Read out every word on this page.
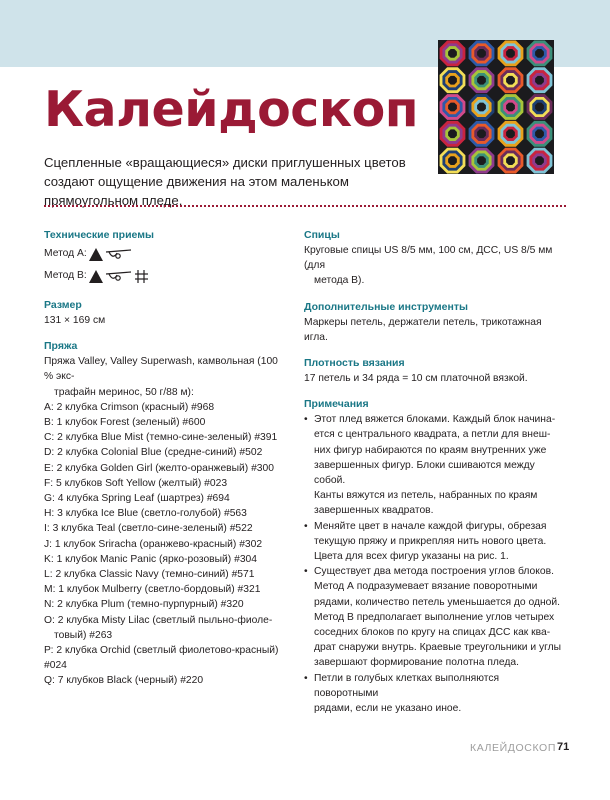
Калейдоскоп

Сцепленные «вращающиеся» диски приглушенных цветов создают ощущение движения на этом маленьком прямоугольном пледе.

Технические приемы

Метод А:
Метод В:

Размер

131 × 169 см

Пряжа

Пряжа Valley, Valley Superwash, камвольная (100 % экс-

трафайн меринос, 50 г/88 м):

А: 2 клубка Crimson (красный) #968

В: 1 клубок Forest (зеленый) #600

С: 2 клубка Blue Mist (темно-сине-зеленый) #391

D: 2 клубка Colonial Blue (средне-синий) #502

Е: 2 клубка Golden Girl (желто-оранжевый) #300

F: 5 клубков Soft Yellow (желтый) #023

G: 4 клубка Spring Leaf (шартрез) #694

Н: 3 клубка Ice Blue (светло-голубой) #563

I: 3 клубка Teal (светло-сине-зеленый) #522

J: 1 клубок Sriracha (оранжево-красный) #302

K: 1 клубок Manic Panic (ярко-розовый) #304

L: 2 клубка Classic Navy (темно-синий) #571

М: 1 клубок Mulberry (светло-бордовый) #321

N: 2 клубка Plum (темно-пурпурный) #320

О: 2 клубка Misty Lilac (светлый пыльно-фиоле-

товый) #263

Р: 2 клубка Orchid (светлый фиолетово-красный) #024

Q: 7 клубков Black (черный) #220

Спицы

Круговые спицы US 8/5 мм, 100 см, ДСС, US 8/5 мм (для

метода В).

Дополнительные инструменты

Маркеры петель, держатели петель, трикотажная игла.

Плотность вязания

17 петель и 34 ряда = 10 см платочной вязкой.

Примечания

• Этот плед вяжется блоками. Каждый блок начина-

ется с центрального квадрата, а петли для внеш-

них фигур набираются по краям внутренних уже

завершенных фигур. Блоки сшиваются между собой.

Канты вяжутся из петель, набранных по краям

завершенных квадратов.

• Меняйте цвет в начале каждой фигуры, обрезая

текущую пряжу и прикрепляя нить нового цвета.

Цвета для всех фигур указаны на рис. 1.

• Существует два метода построения углов блоков.

Метод А подразумевает вязание поворотными

рядами, количество петель уменьшается до одной.

Метод В предполагает выполнение углов четырех

соседних блоков по кругу на спицах ДСС как ква-

драт снаружи внутрь. Краевые треугольники и углы

завершают формирование полотна пледа.

• Петли в голубых клетках выполняются поворотными

рядами, если не указано иное.

КАЛЕЙДОСКОП 71
